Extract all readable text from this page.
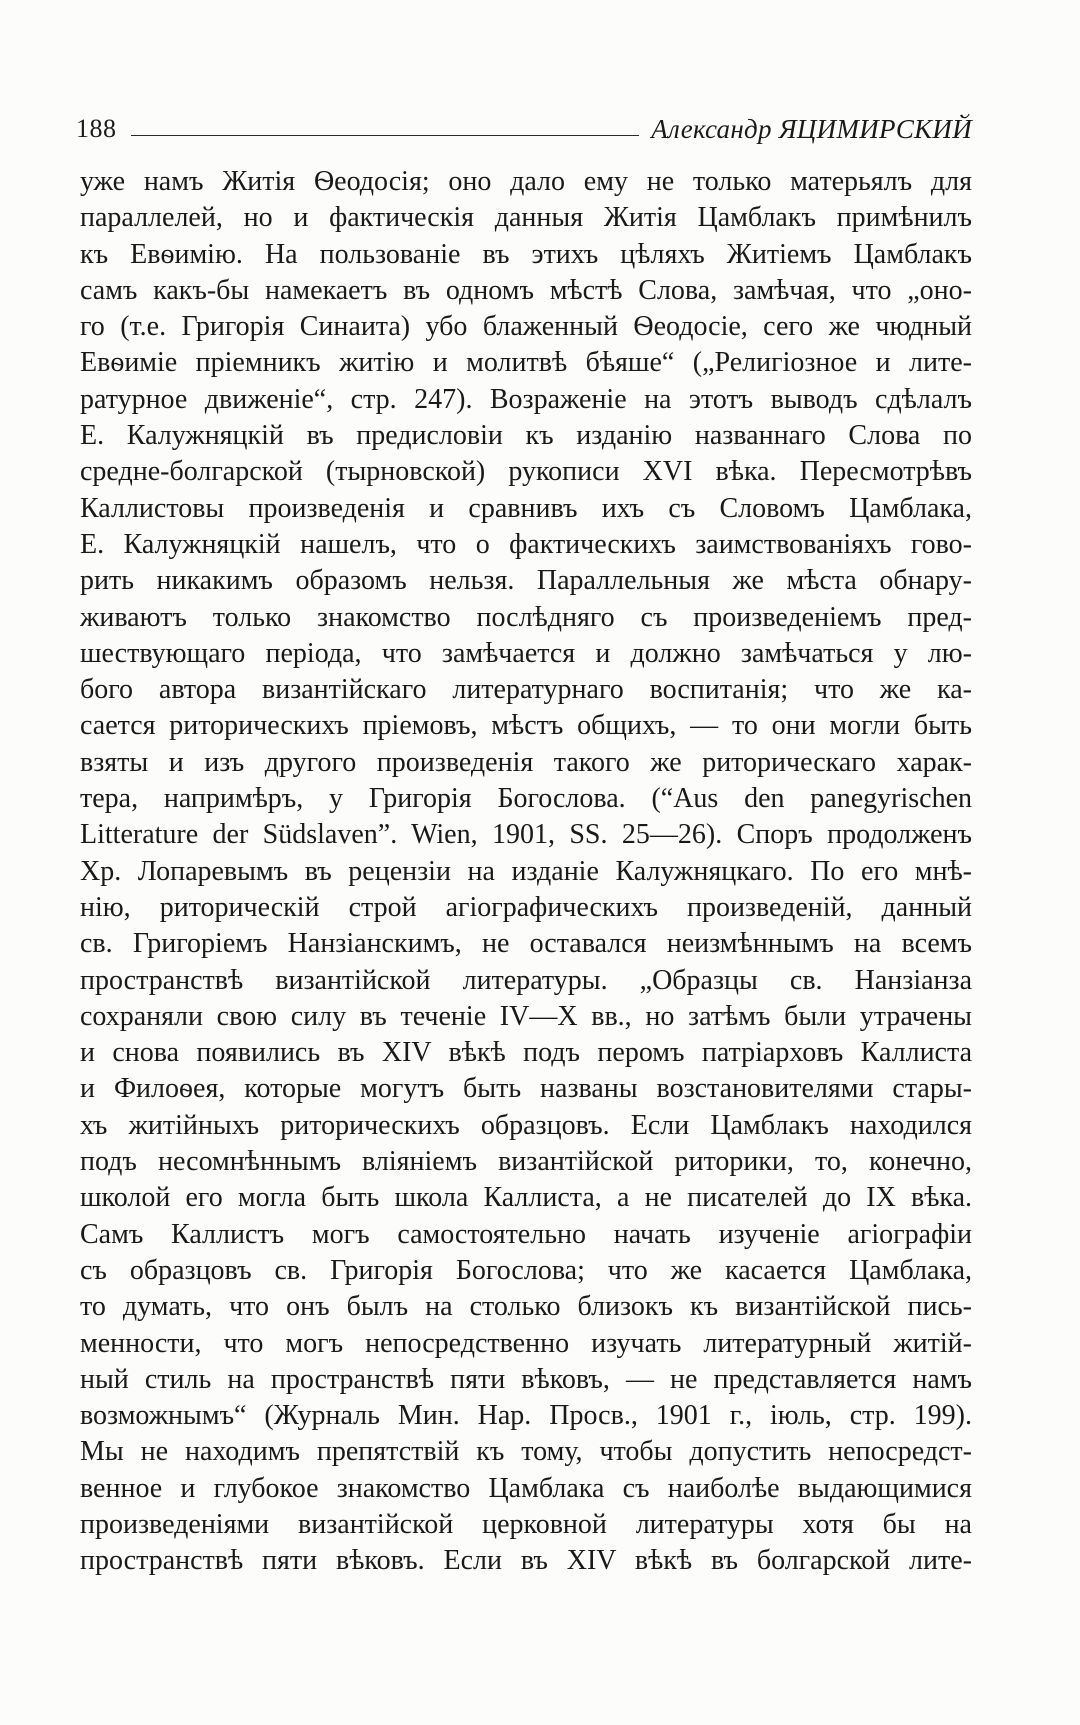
188	Александр ЯЦИМИРСКИЙ
уже намъ Житія Ѳеодосія; оно дало ему не только матерьялъ для
параллелей, но и фактическія данныя Житія Цамблакъ примѣнилъ
къ Евѳимію. На пользованіе въ этихъ цѣляхъ Житіемъ Цамблакъ
самъ какъ-бы намекаетъ въ одномъ мѣстѣ Слова, замѣчая, что „оно-
го (т.е. Григорія Синаита) убо блаженный Ѳеодосіе, сего же чюдный
Евѳиміе пріемникъ житію и молитвѣ бѣяше“ („Религіозное и лите-
ратурное движеніе“, стр. 247). Возраженіе на этотъ выводъ сдѣлалъ
Е. Калужняцкій въ предисловіи къ изданію названнаго Слова по
средне-болгарской (тырновской) рукописи XVI вѣка. Пересмотрѣвъ
Каллистовы произведенія и сравнивъ ихъ съ Словомъ Цамблака,
Е. Калужняцкій нашелъ, что о фактическихъ заимствованіяхъ гово-
рить никакимъ образомъ нельзя. Параллельныя же мѣста обнару-
живаютъ только знакомство послѣдняго съ произведеніемъ пред-
шествующаго періода, что замѣчается и должно замѣчаться у лю-
бого автора византійскаго литературнаго воспитанія; что же ка-
сается риторическихъ пріемовъ, мѣстъ общихъ, — то они могли быть
взяты и изъ другого произведенія такого же риторическаго харак-
тера, напримѣръ, у Григорія Богослова. (“Aus den panegyrischen
Litterature der Südslaven”. Wien, 1901, SS. 25—26). Споръ продолженъ
Хр. Лопаревымъ въ рецензіи на изданіе Калужняцкаго. По его мнѣ-
нію, риторическій строй агіографическихъ произведеній, данный
св. Григоріемъ Нанзіанскимъ, не оставался неизмѣннымъ на всемъ
пространствѣ византійской литературы. „Образцы св. Нанзіанза
сохраняли свою силу въ теченіе IV—X вв., но затѣмъ были утрачены
и снова появились въ XIV вѣкѣ подъ перомъ патріарховъ Каллиста
и Филоѳея, которые могутъ быть названы возстановителями стары-
хъ житійныхъ риторическихъ образцовъ. Если Цамблакъ находился
подъ несомнѣннымъ вліяніемъ византійской риторики, то, конечно,
школой его могла быть школа Каллиста, а не писателей до IX вѣка.
Самъ Каллистъ могъ самостоятельно начать изученіе агіографіи
съ образцовъ св. Григорія Богослова; что же касается Цамблака,
то думать, что онъ былъ на столько близокъ къ византійской пись-
менности, что могъ непосредственно изучать литературный житій-
ный стиль на пространствѣ пяти вѣковъ, — не представляется намъ
возможнымъ“ (Журналь Мин. Нар. Просв., 1901 г., іюль, стр. 199).
Мы не находимъ препятствій къ тому, чтобы допустить непосредст-
венное и глубокое знакомство Цамблака съ наиболѣе выдающимися
произведеніями византійской церковной литературы хотя бы на
пространствѣ пяти вѣковъ. Если въ XIV вѣкѣ въ болгарской лите-
